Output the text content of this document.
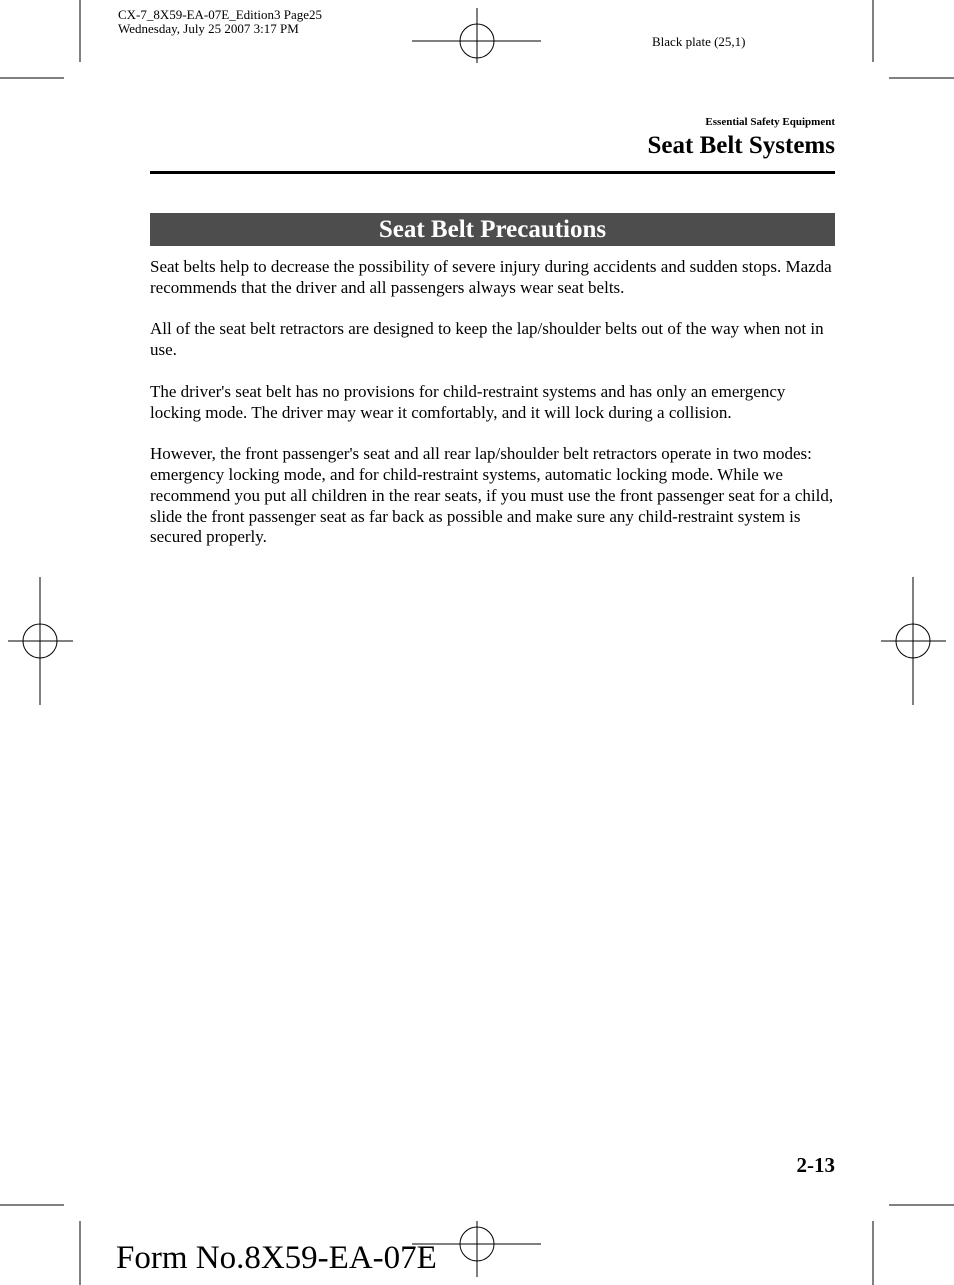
CX-7_8X59-EA-07E_Edition3 Page25
Wednesday, July 25 2007 3:17 PM
Black plate (25,1)
Essential Safety Equipment
Seat Belt Systems
Seat Belt Precautions

Seat belts help to decrease the possibility of severe injury during accidents and sudden stops. Mazda recommends that the driver and all passengers always wear seat belts.

All of the seat belt retractors are designed to keep the lap/shoulder belts out of the way when not in use.

The driver's seat belt has no provisions for child-restraint systems and has only an emergency locking mode. The driver may wear it comfortably, and it will lock during a collision.

However, the front passenger's seat and all rear lap/shoulder belt retractors operate in two modes: emergency locking mode, and for child-restraint systems, automatic locking mode. While we recommend you put all children in the rear seats, if you must use the front passenger seat for a child, slide the front passenger seat as far back as possible and make sure any child-restraint system is secured properly.

2-13
Form No.8X59-EA-07E
